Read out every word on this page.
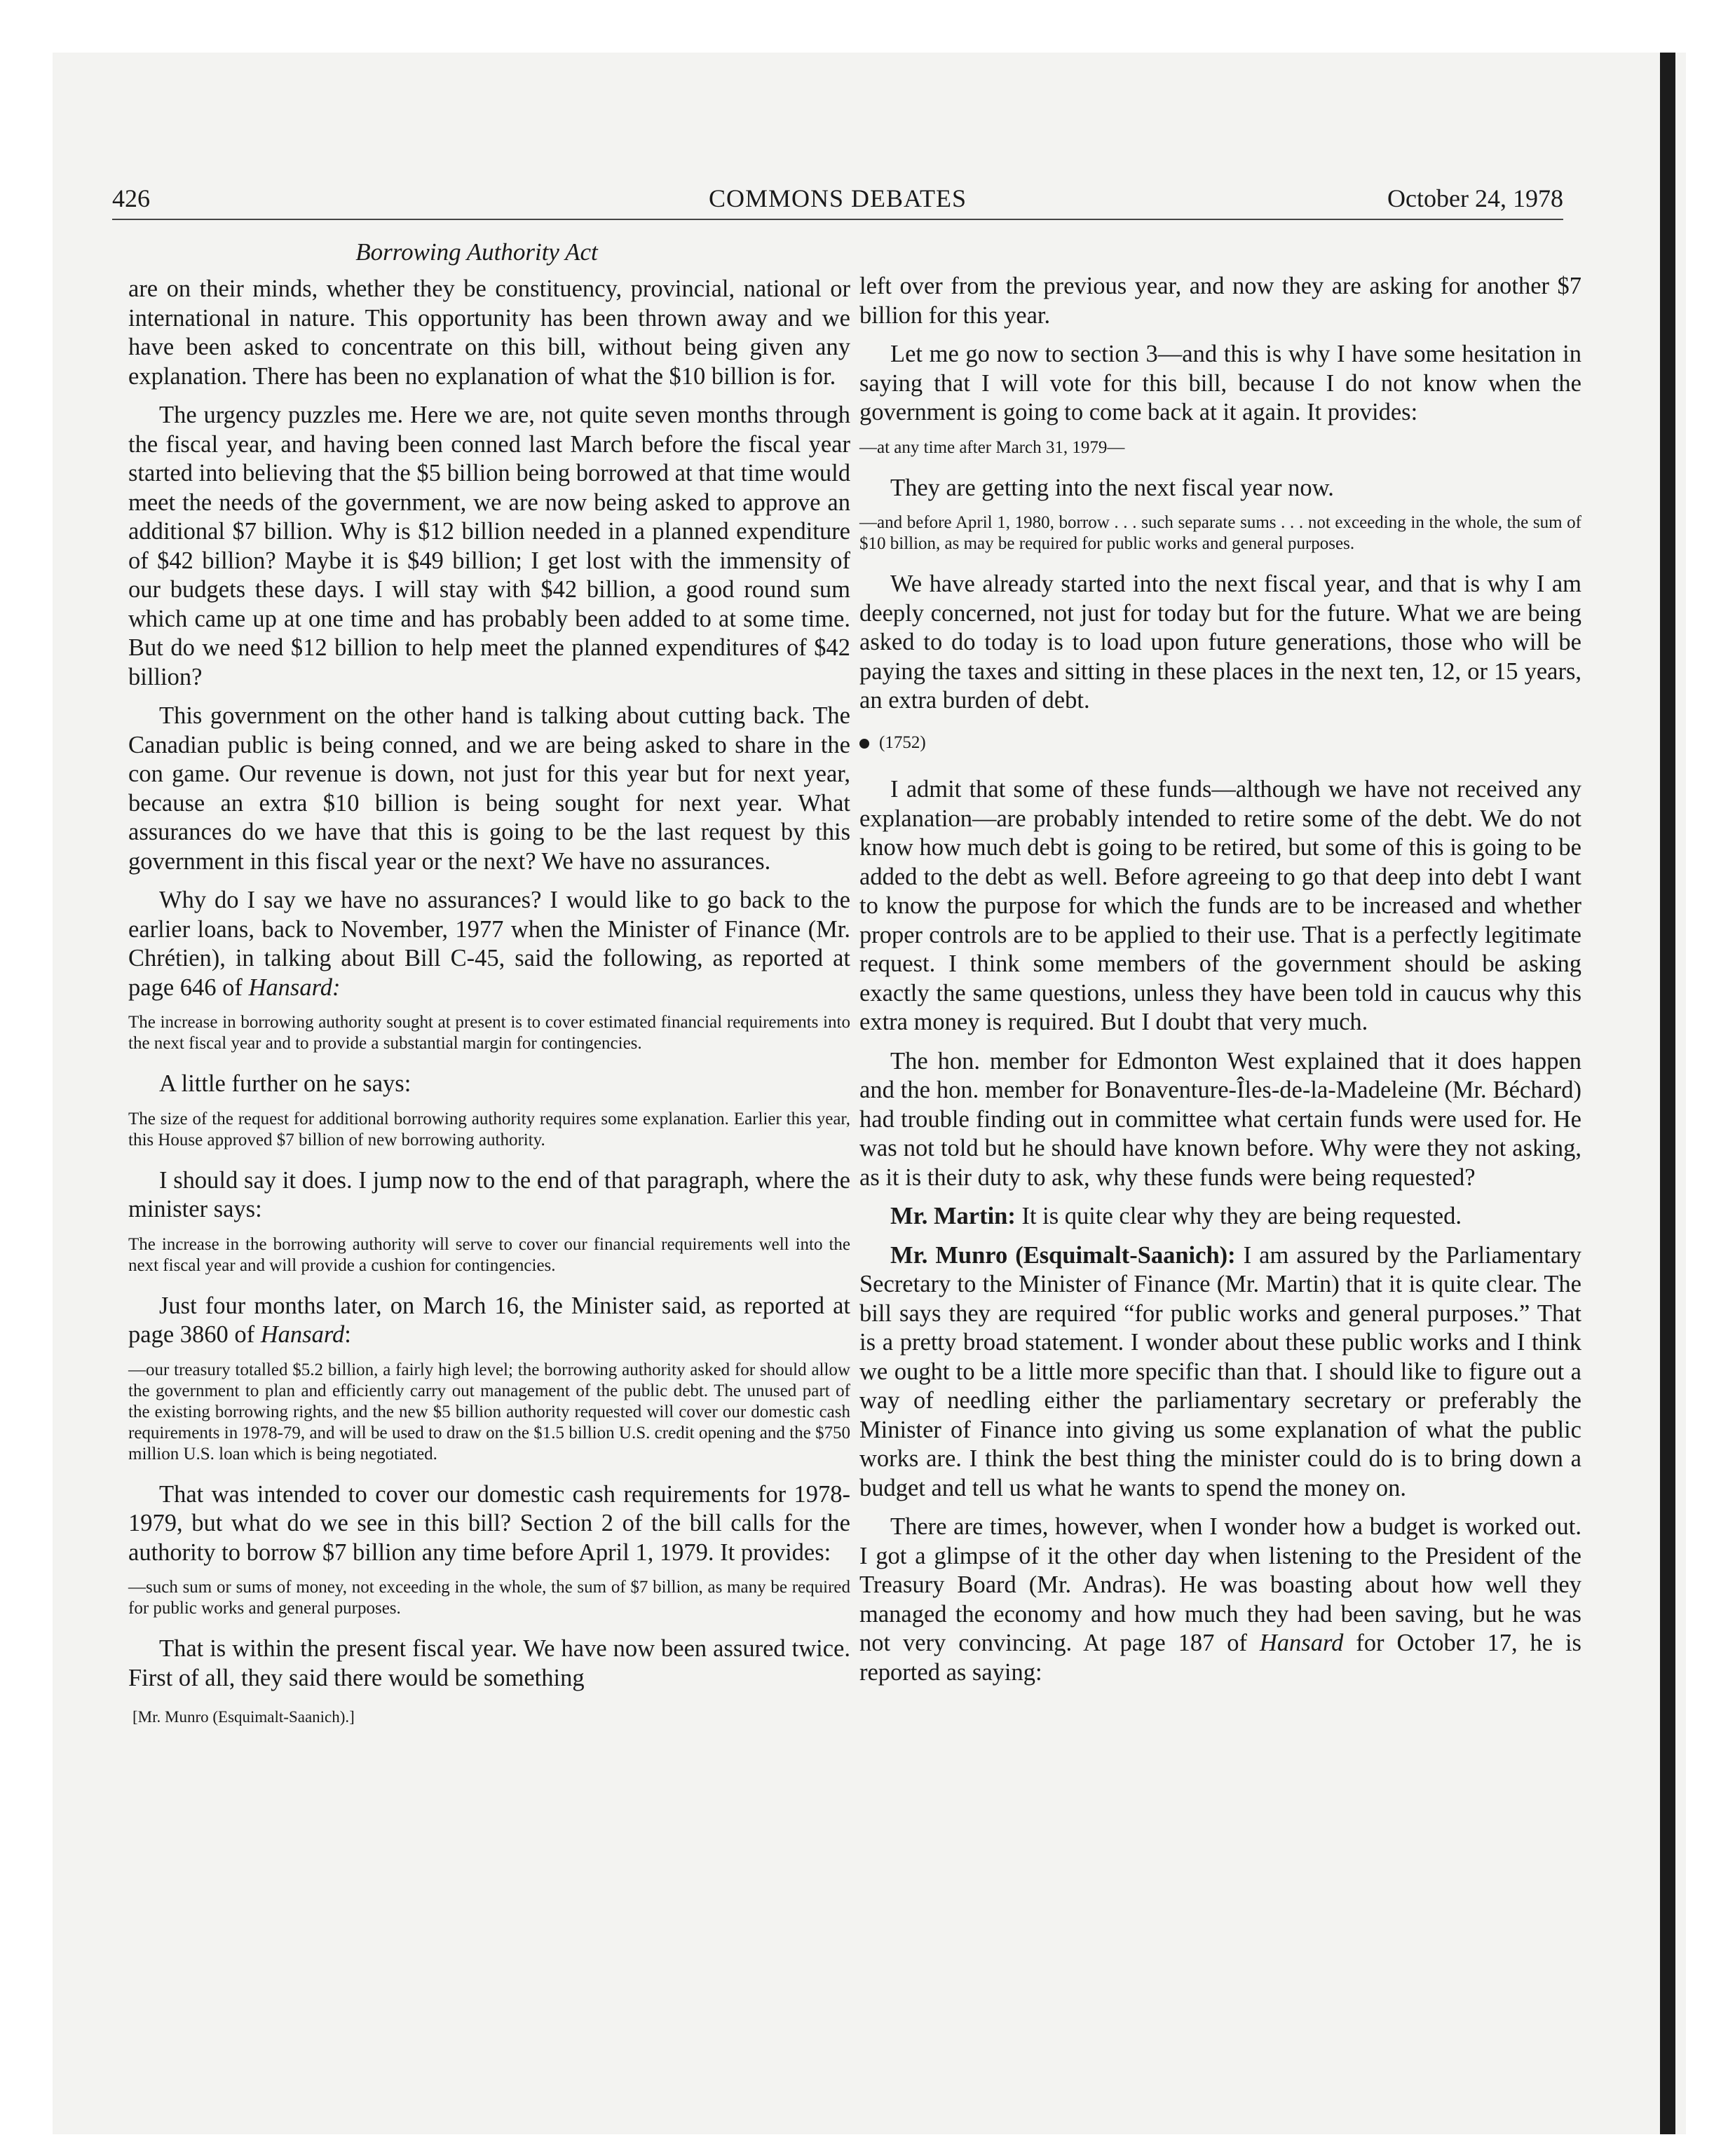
426	COMMONS DEBATES	October 24, 1978
Borrowing Authority Act

are on their minds, whether they be constituency, provincial, national or international in nature. This opportunity has been thrown away and we have been asked to concentrate on this bill, without being given any explanation. There has been no explanation of what the $10 billion is for.

The urgency puzzles me. Here we are, not quite seven months through the fiscal year, and having been conned last March before the fiscal year started into believing that the $5 billion being borrowed at that time would meet the needs of the government, we are now being asked to approve an additional $7 billion. Why is $12 billion needed in a planned expenditure of $42 billion? Maybe it is $49 billion; I get lost with the immensity of our budgets these days. I will stay with $42 billion, a good round sum which came up at one time and has probably been added to at some time. But do we need $12 billion to help meet the planned expenditures of $42 billion?

This government on the other hand is talking about cutting back. The Canadian public is being conned, and we are being asked to share in the con game. Our revenue is down, not just for this year but for next year, because an extra $10 billion is being sought for next year. What assurances do we have that this is going to be the last request by this government in this fiscal year or the next? We have no assurances.

Why do I say we have no assurances? I would like to go back to the earlier loans, back to November, 1977 when the Minister of Finance (Mr. Chrétien), in talking about Bill C-45, said the following, as reported at page 646 of Hansard:

The increase in borrowing authority sought at present is to cover estimated financial requirements into the next fiscal year and to provide a substantial margin for contingencies.

A little further on he says:

The size of the request for additional borrowing authority requires some explanation. Earlier this year, this House approved $7 billion of new borrowing authority.

I should say it does. I jump now to the end of that paragraph, where the minister says:

The increase in the borrowing authority will serve to cover our financial requirements well into the next fiscal year and will provide a cushion for contingencies.

Just four months later, on March 16, the Minister said, as reported at page 3860 of Hansard:

—our treasury totalled $5.2 billion, a fairly high level; the borrowing authority asked for should allow the government to plan and efficiently carry out management of the public debt. The unused part of the existing borrowing rights, and the new $5 billion authority requested will cover our domestic cash requirements in 1978-79, and will be used to draw on the $1.5 billion U.S. credit opening and the $750 million U.S. loan which is being negotiated.

That was intended to cover our domestic cash requirements for 1978-1979, but what do we see in this bill? Section 2 of the bill calls for the authority to borrow $7 billion any time before April 1, 1979. It provides:

—such sum or sums of money, not exceeding in the whole, the sum of $7 billion, as many be required for public works and general purposes.

That is within the present fiscal year. We have now been assured twice. First of all, they said there would be something

[Mr. Munro (Esquimalt-Saanich).]

left over from the previous year, and now they are asking for another $7 billion for this year.

Let me go now to section 3—and this is why I have some hesitation in saying that I will vote for this bill, because I do not know when the government is going to come back at it again. It provides:

—at any time after March 31, 1979—

They are getting into the next fiscal year now.

—and before April 1, 1980, borrow . . . such separate sums . . . not exceeding in the whole, the sum of $10 billion, as may be required for public works and general purposes.

We have already started into the next fiscal year, and that is why I am deeply concerned, not just for today but for the future. What we are being asked to do today is to load upon future generations, those who will be paying the taxes and sitting in these places in the next ten, 12, or 15 years, an extra burden of debt.

(1752)

I admit that some of these funds—although we have not received any explanation—are probably intended to retire some of the debt. We do not know how much debt is going to be retired, but some of this is going to be added to the debt as well. Before agreeing to go that deep into debt I want to know the purpose for which the funds are to be increased and whether proper controls are to be applied to their use. That is a perfectly legitimate request. I think some members of the government should be asking exactly the same questions, unless they have been told in caucus why this extra money is required. But I doubt that very much.

The hon. member for Edmonton West explained that it does happen and the hon. member for Bonaventure-Îles-de-la-Madeleine (Mr. Béchard) had trouble finding out in committee what certain funds were used for. He was not told but he should have known before. Why were they not asking, as it is their duty to ask, why these funds were being requested?

Mr. Martin: It is quite clear why they are being requested.

Mr. Munro (Esquimalt-Saanich): I am assured by the Parliamentary Secretary to the Minister of Finance (Mr. Martin) that it is quite clear. The bill says they are required “for public works and general purposes.” That is a pretty broad statement. I wonder about these public works and I think we ought to be a little more specific than that. I should like to figure out a way of needling either the parliamentary secretary or preferably the Minister of Finance into giving us some explanation of what the public works are. I think the best thing the minister could do is to bring down a budget and tell us what he wants to spend the money on.

There are times, however, when I wonder how a budget is worked out. I got a glimpse of it the other day when listening to the President of the Treasury Board (Mr. Andras). He was boasting about how well they managed the economy and how much they had been saving, but he was not very convincing. At page 187 of Hansard for October 17, he is reported as saying:
